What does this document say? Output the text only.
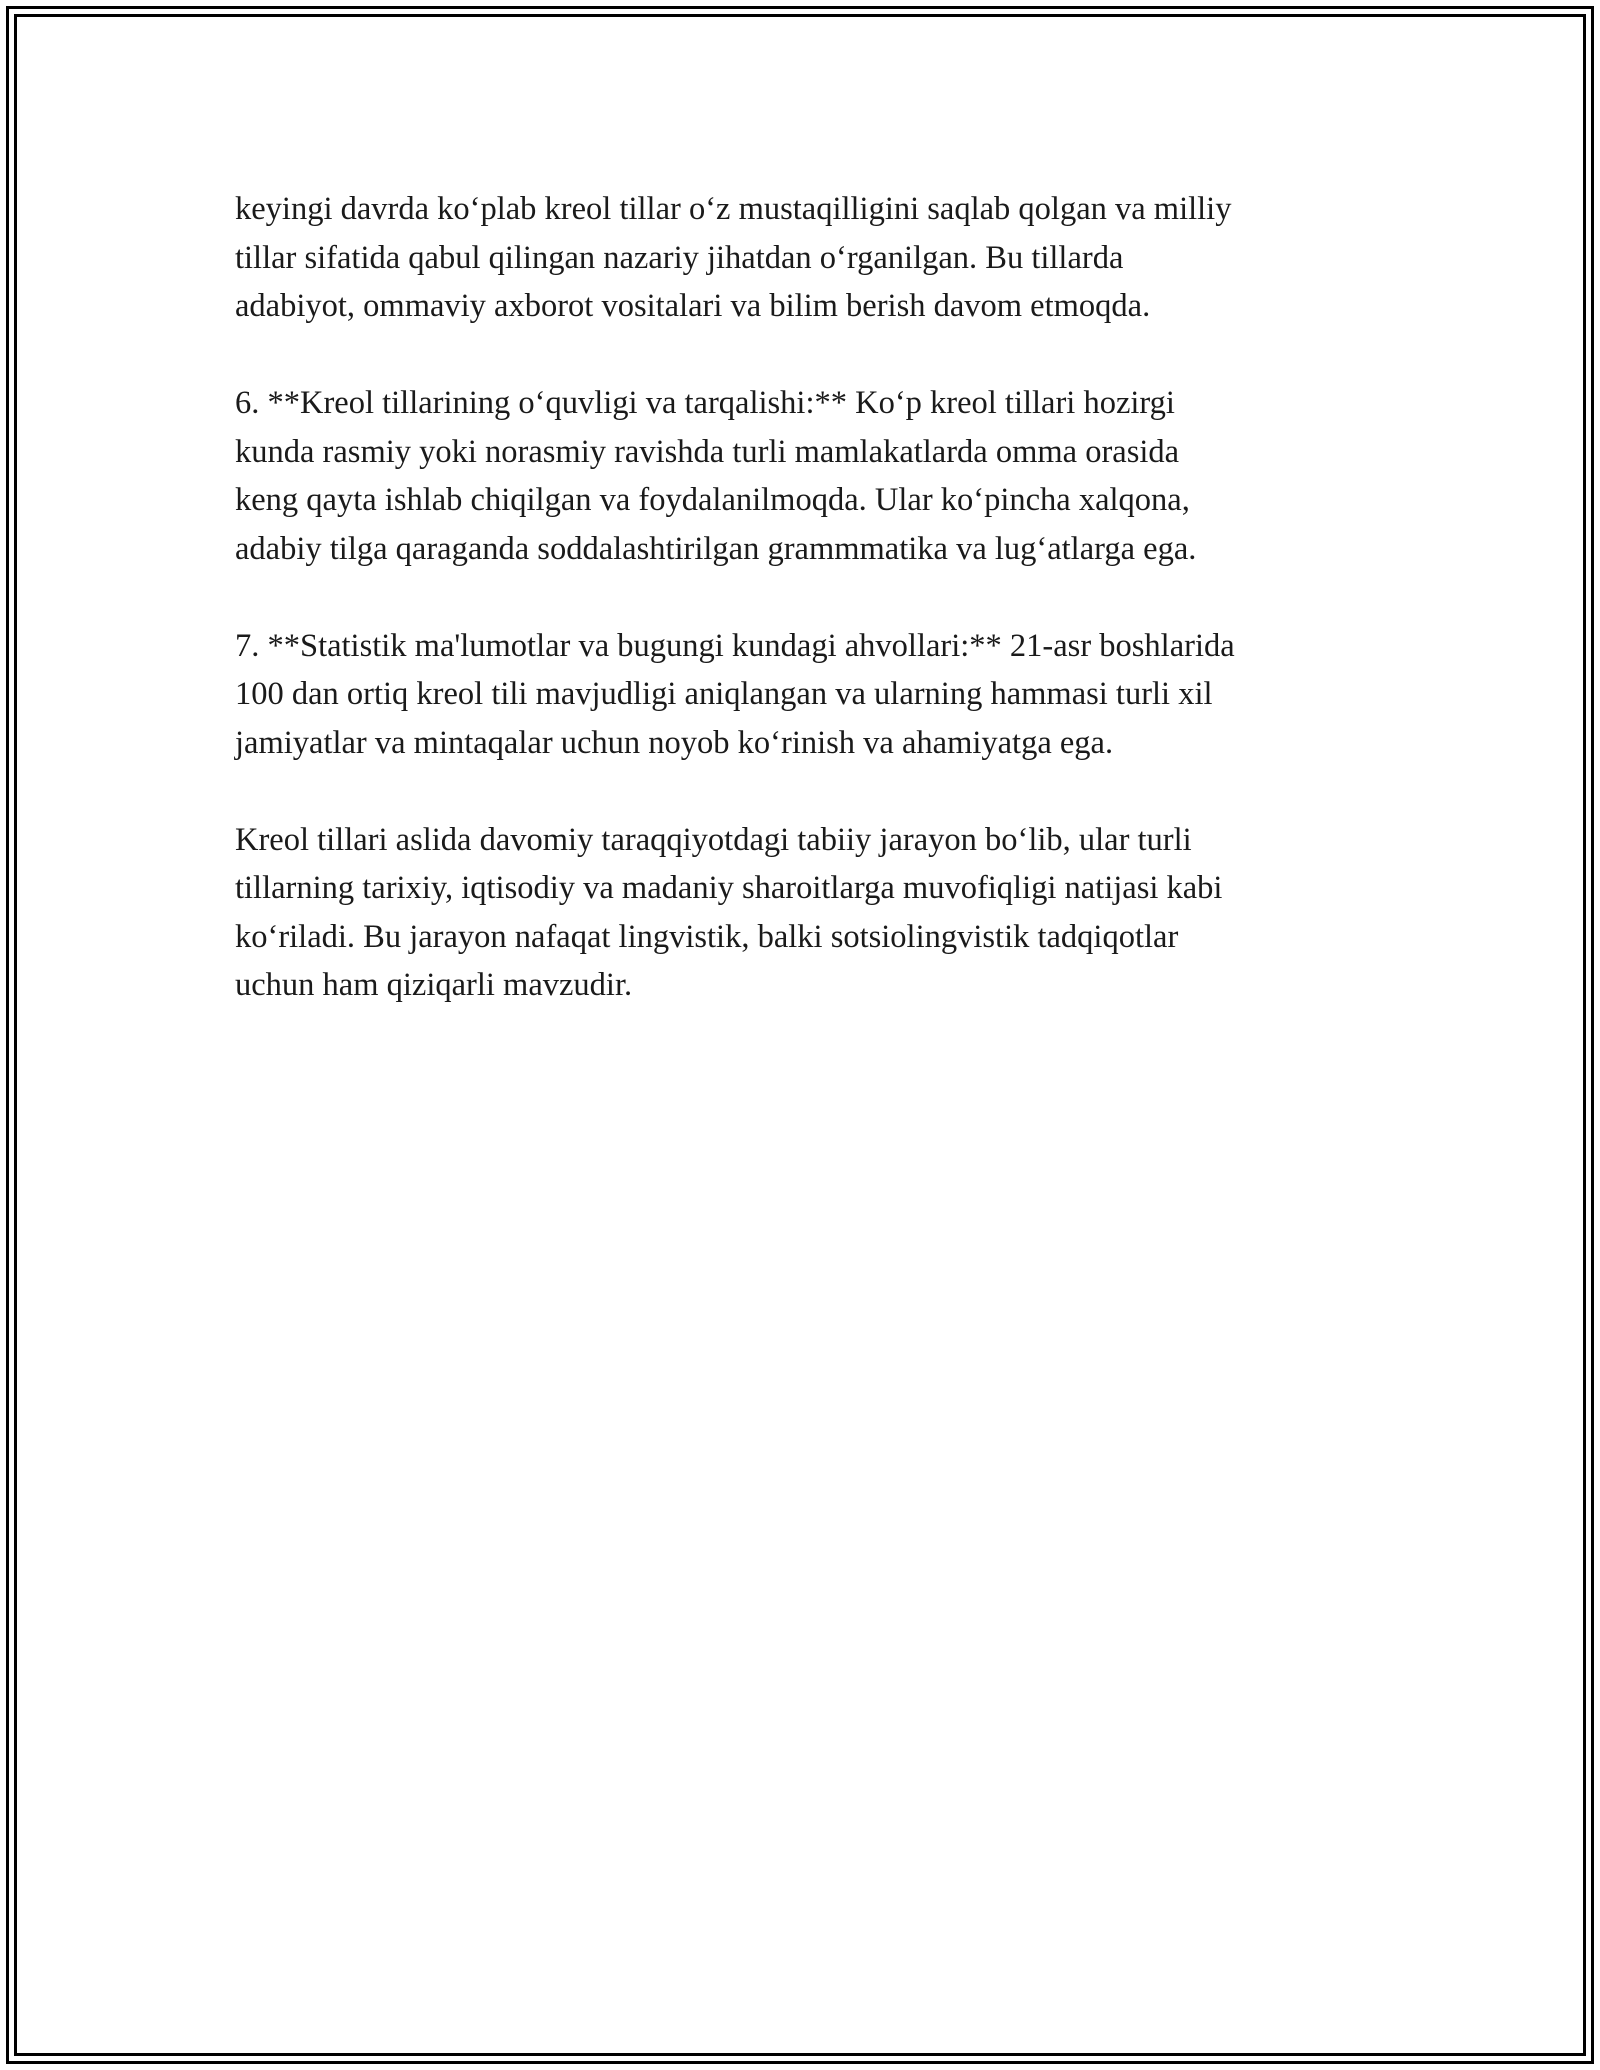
keyingi davrda ko‘plab kreol tillar o‘z mustaqilligini saqlab qolgan va milliy
tillar sifatida qabul qilingan nazariy jihatdan o‘rganilgan. Bu tillarda
adabiyot, ommaviy axborot vositalari va bilim berish davom etmoqda.

6. **Kreol tillarining o‘quvligi va tarqalishi:** Ko‘p kreol tillari hozirgi
kunda rasmiy yoki norasmiy ravishda turli mamlakatlarda omma orasida
keng qayta ishlab chiqilgan va foydalanilmoqda. Ular ko‘pincha xalqona,
adabiy tilga qaraganda soddalashtirilgan grammmatika va lug‘atlarga ega.

7. **Statistik ma'lumotlar va bugungi kundagi ahvollari:** 21-asr boshlarida
100 dan ortiq kreol tili mavjudligi aniqlangan va ularning hammasi turli xil
jamiyatlar va mintaqalar uchun noyob ko‘rinish va ahamiyatga ega.

Kreol tillari aslida davomiy taraqqiyotdagi tabiiy jarayon bo‘lib, ular turli
tillarning tarixiy, iqtisodiy va madaniy sharoitlarga muvofiqligi natijasi kabi
ko‘riladi. Bu jarayon nafaqat lingvistik, balki sotsiolingvistik tadqiqotlar
uchun ham qiziqarli mavzudir.
